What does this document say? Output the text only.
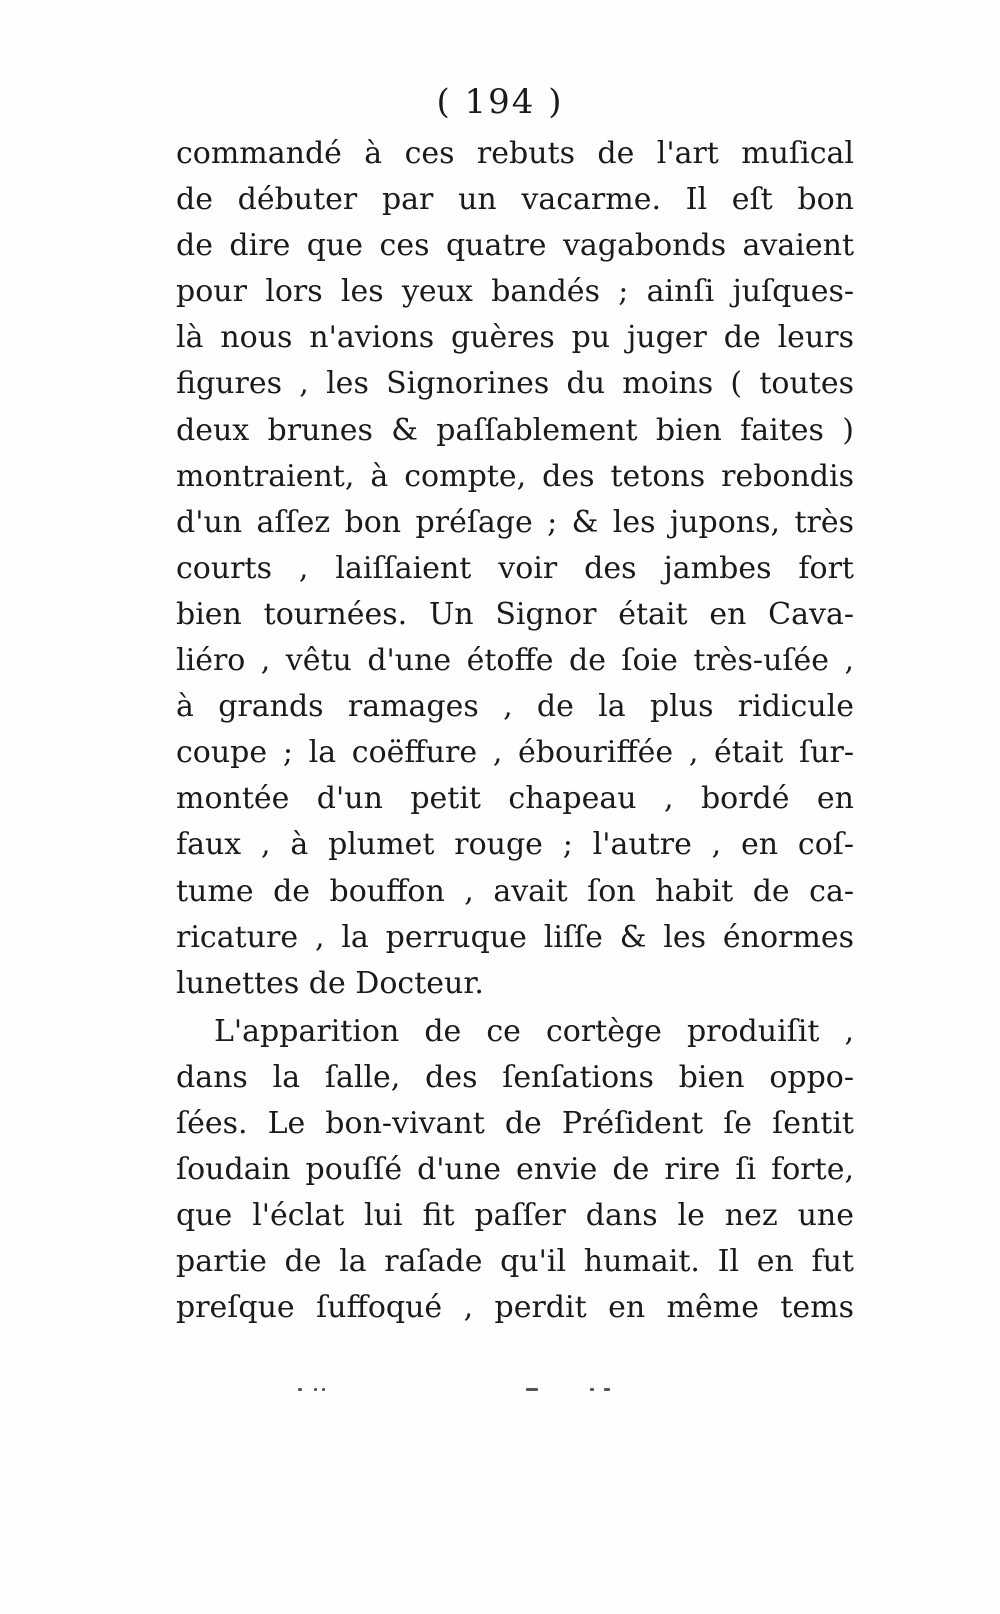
( 194 )
commandé à ces rebuts de l'art muſical
de débuter par un vacarme. Il eſt bon
de dire que ces quatre vagabonds avaient
pour lors les yeux bandés ; ainſi juſques-
là nous n'avions guères pu juger de leurs
figures , les Signorines du moins ( toutes
deux brunes & paſſablement bien faites )
montraient, à compte, des tetons rebondis
d'un aſſez bon préſage ; & les jupons, très
courts , laiſſaient voir des jambes fort
bien tournées. Un Signor était en Cava-
liéro , vêtu d'une étoffe de ſoie très-uſée ,
à grands ramages , de la plus ridicule
coupe ; la coëffure , ébouriffée , était ſur-
montée d'un petit chapeau , bordé en
faux , à plumet rouge ; l'autre , en coſ-
tume de bouffon , avait ſon habit de ca-
ricature , la perruque liſſe & les énormes
lunettes de Docteur.
L'apparition de ce cortège produiſit ,
dans la ſalle, des ſenſations bien oppo-
ſées. Le bon-vivant de Préſident ſe ſentit
ſoudain pouſſé d'une envie de rire ſi forte,
que l'éclat lui fit paſſer dans le nez une
partie de la raſade qu'il humait. Il en fut
preſque ſuffoqué , perdit en même tems
